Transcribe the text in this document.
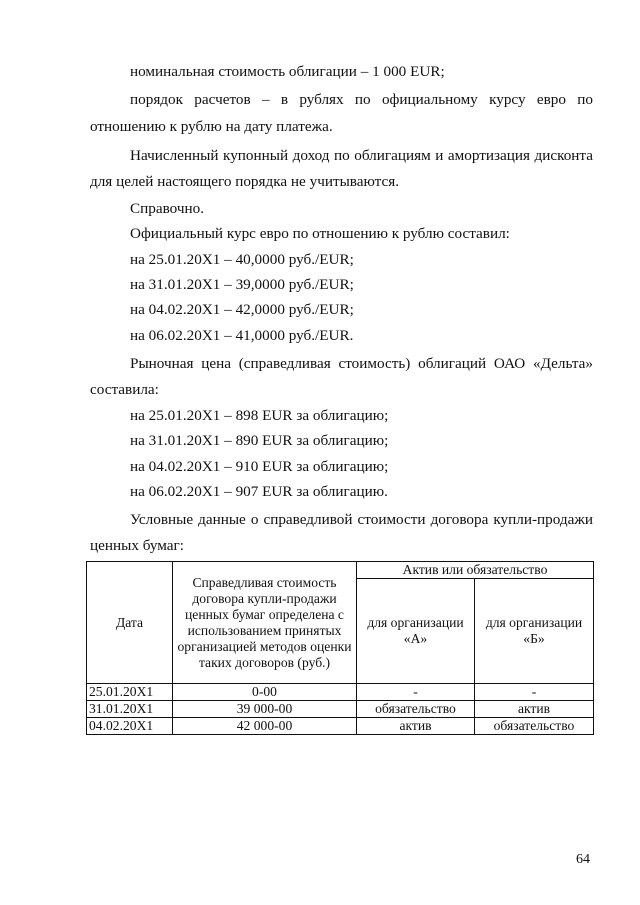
номинальная стоимость облигации – 1 000 EUR;

порядок расчетов – в рублях по официальному курсу евро по

отношению к рублю на дату платежа.

Начисленный купонный доход по облигациям и амортизация дисконта

для целей настоящего порядка не учитываются.

Справочно.

Официальный курс евро по отношению к рублю составил:

на 25.01.20X1 – 40,0000 руб./EUR;

на 31.01.20X1 – 39,0000 руб./EUR;

на 04.02.20X1 – 42,0000 руб./EUR;

на 06.02.20X1 – 41,0000 руб./EUR.

Рыночная цена (справедливая стоимость) облигаций ОАО «Дельта»

составила:

на 25.01.20X1 – 898 EUR за облигацию;

на 31.01.20X1 – 890 EUR за облигацию;

на 04.02.20X1 – 910 EUR за облигацию;

на 06.02.20X1 – 907 EUR за облигацию.

Условные данные о справедливой стоимости договора купли-продажи

ценных бумаг:

Дата	Справедливая стоимость договора купли-продажи ценных бумаг определена с использованием принятых организацией методов оценки таких договоров (руб.)	Актив или обязательство	
		для организации «А»	для организации «Б»
25.01.20X1	0-00	-	-
31.01.20X1	39 000-00	обязательство	актив
04.02.20X1	42 000-00	актив	обязательство

64
